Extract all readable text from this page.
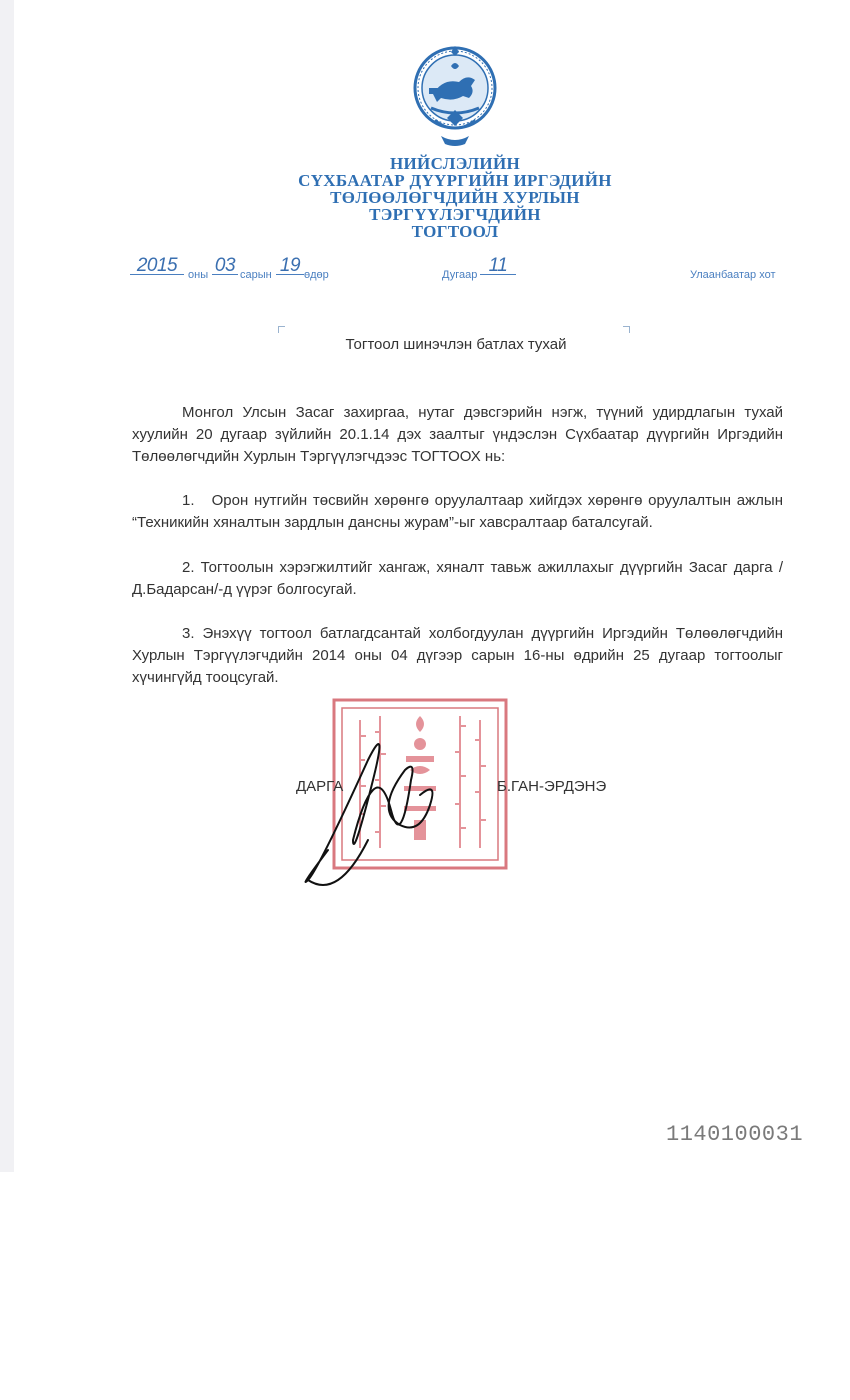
НИЙСЛЭЛИЙН
СҮХБААТАР ДҮҮРГИЙН ИРГЭДИЙН
ТӨЛӨӨЛӨГЧДИЙН ХУРЛЫН
ТЭРГҮҮЛЭГЧДИЙН
ТОГТООЛ
2015 оны 03 сарын 19 өдөр	Дугаар 11	Улаанбаатар хот
Тогтоол шинэчлэн батлах тухай
Монгол Улсын Засаг захиргаа, нутаг дэвсгэрийн нэгж, түүний удирдлагын тухай хуулийн 20 дугаар зүйлийн 20.1.14 дэх заалтыг үндэслэн Сүхбаатар дүүргийн Иргэдийн Төлөөлөгчдийн Хурлын Тэргүүлэгчдээс ТОГТООХ нь:
1.   Орон нутгийн төсвийн хөрөнгө оруулалтаар хийгдэх хөрөнгө оруулалтын ажлын “Техникийн хяналтын зардлын дансны журам”-ыг хавсралтаар баталсугай.
2. Тогтоолын хэрэгжилтийг хангаж, хяналт тавьж ажиллахыг дүүргийн Засаг дарга /Д.Бадарсан/-д үүрэг болгосугай.
3. Энэхүү тогтоол батлагдсантай холбогдуулан дүүргийн Иргэдийн Төлөөлөгчдийн Хурлын Тэргүүлэгчдийн 2014 оны 04 дүгээр сарын 16-ны өдрийн 25 дугаар тогтоолыг хүчингүйд тооцсугай.
ДАРГА	Б.ГАН-ЭРДЭНЭ
1140100031
